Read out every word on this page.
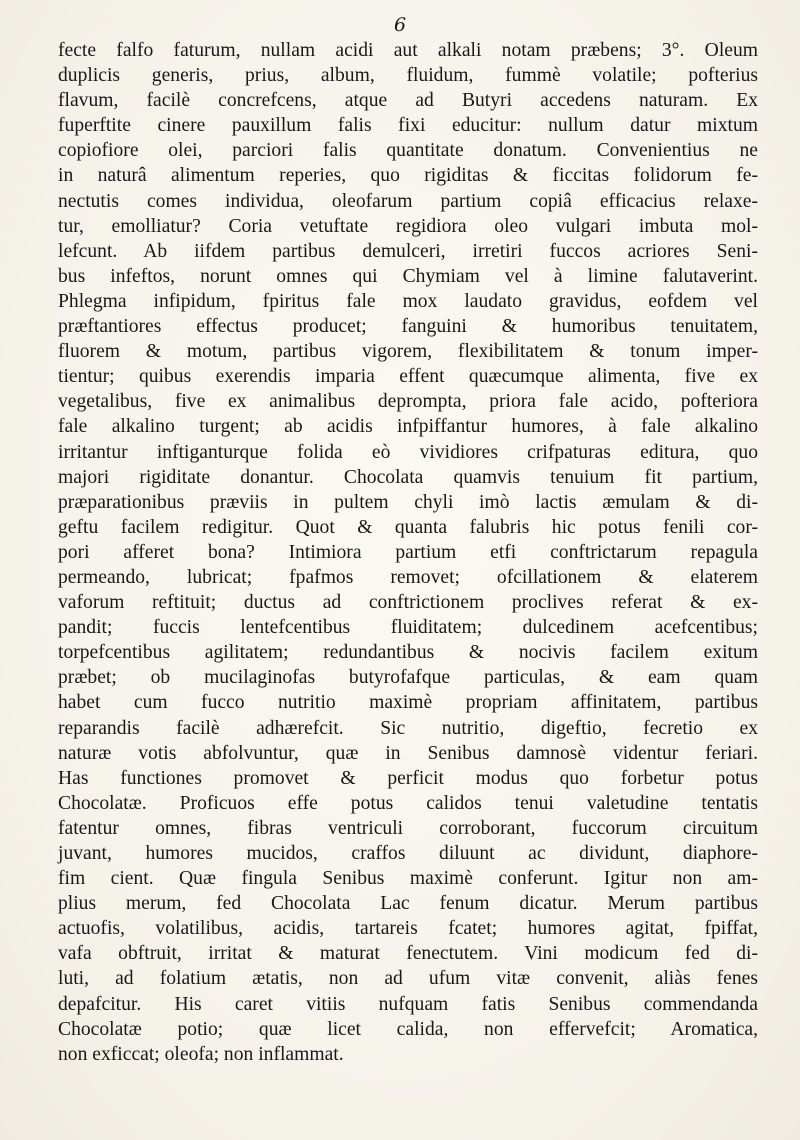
6
fecte falfo faturum, nullam acidi aut alkali notam præbens; 3°. Oleum
duplicis generis, prius, album, fluidum, fummè volatile; pofterius
flavum, facilè concrefcens, atque ad Butyri accedens naturam. Ex
fuperftite cinere pauxillum falis fixi educitur: nullum datur mixtum
copiofiore olei, parciori falis quantitate donatum. Convenientius ne
in naturâ alimentum reperies, quo rigiditas & ficcitas folidorum fe-
nectutis comes individua, oleofarum partium copiâ efficacius relaxe-
tur, emolliatur? Coria vetuftate regidiora oleo vulgari imbuta mol-
lefcunt. Ab iifdem partibus demulceri, irretiri fuccos acriores Seni-
bus infeftos, norunt omnes qui Chymiam vel à limine falutaverint.
Phlegma infipidum, fpiritus fale mox laudato gravidus, eofdem vel
præftantiores effectus producet; fanguini & humoribus tenuitatem,
fluorem & motum, partibus vigorem, flexibilitatem & tonum imper-
tientur; quibus exerendis imparia effent quæcumque alimenta, five ex
vegetalibus, five ex animalibus deprompta, priora fale acido, pofteriora
fale alkalino turgent; ab acidis infpiffantur humores, à fale alkalino
irritantur inftiganturque folida eò vividiores crifpaturas editura, quo
majori rigiditate donantur. Chocolata quamvis tenuium fit partium,
præparationibus præviis in pultem chyli imò lactis æmulam & di-
geftu facilem redigitur. Quot & quanta falubris hic potus fenili cor-
pori afferet bona? Intimiora partium etfi conftrictarum repagula
permeando, lubricat; fpafmos removet; ofcillationem & elaterem
vaforum reftituit; ductus ad conftrictionem proclives referat & ex-
pandit; fuccis lentefcentibus fluiditatem; dulcedinem acefcentibus;
torpefcentibus agilitatem; redundantibus & nocivis facilem exitum
præbet; ob mucilaginofas butyrofafque particulas, & eam quam
habet cum fucco nutritio maximè propriam affinitatem, partibus
reparandis facilè adhærefcit. Sic nutritio, digeftio, fecretio ex
naturæ votis abfolvuntur, quæ in Senibus damnosè videntur feriari.
Has functiones promovet & perficit modus quo forbetur potus
Chocolatæ. Proficuos effe potus calidos tenui valetudine tentatis
fatentur omnes, fibras ventriculi corroborant, fuccorum circuitum
juvant, humores mucidos, craffos diluunt ac dividunt, diaphore-
fim cient. Quæ fingula Senibus maximè conferunt. Igitur non am-
plius merum, fed Chocolata Lac fenum dicatur. Merum partibus
actuofis, volatilibus, acidis, tartareis fcatet; humores agitat, fpiffat,
vafa obftruit, irritat & maturat fenectutem. Vini modicum fed di-
luti, ad folatium ætatis, non ad ufum vitæ convenit, aliàs fenes
depafcitur. His caret vitiis nufquam fatis Senibus commendanda
Chocolatæ potio; quæ licet calida, non effervefcit; Aromatica,
non exficcat; oleofa; non inflammat.
